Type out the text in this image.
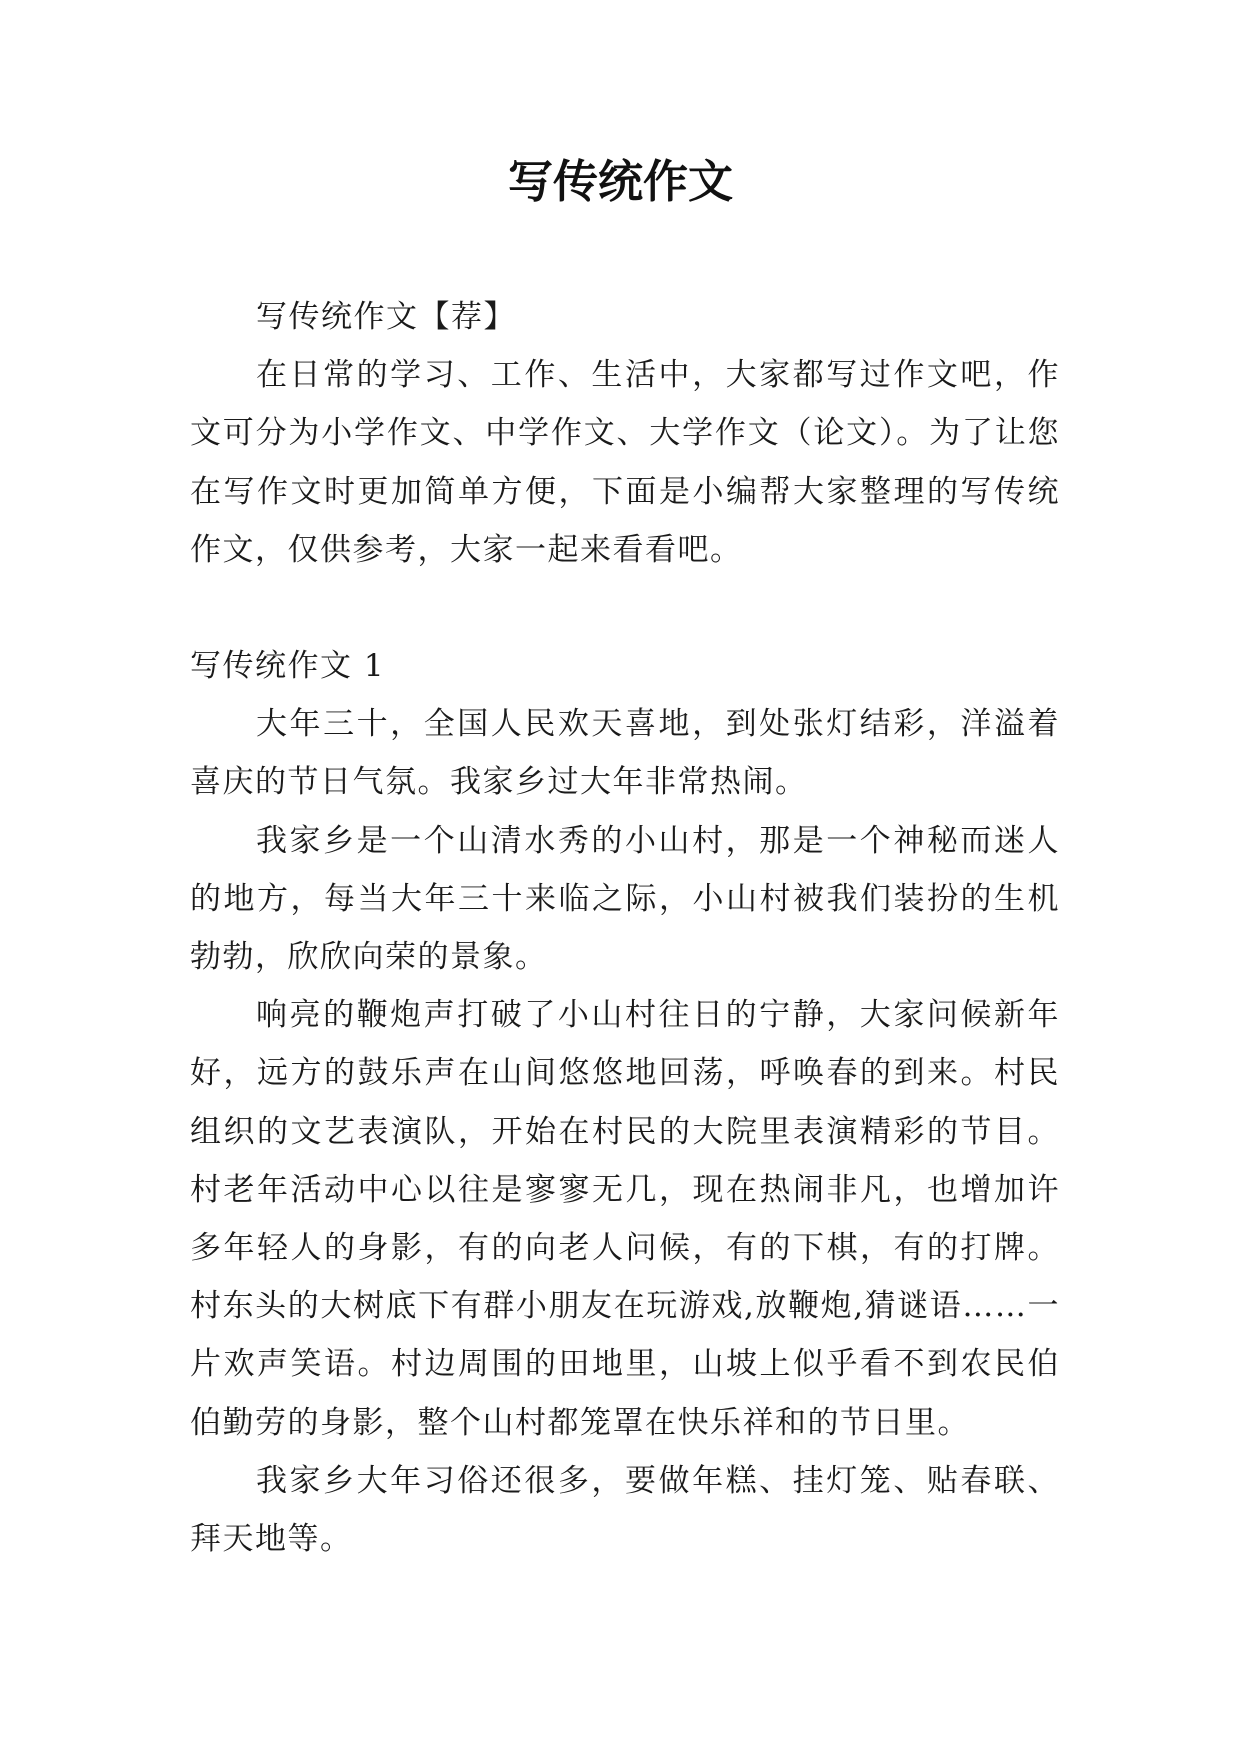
写传统作文

写传统作文【荐】

在日常的学习、工作、生活中，大家都写过作文吧，作文可分为小学作文、中学作文、大学作文（论文）。为了让您在写作文时更加简单方便，下面是小编帮大家整理的写传统作文，仅供参考，大家一起来看看吧。

写传统作文 1

大年三十，全国人民欢天喜地，到处张灯结彩，洋溢着喜庆的节日气氛。我家乡过大年非常热闹。

我家乡是一个山清水秀的小山村，那是一个神秘而迷人的地方，每当大年三十来临之际，小山村被我们装扮的生机勃勃，欣欣向荣的景象。

响亮的鞭炮声打破了小山村往日的宁静，大家问候新年好，远方的鼓乐声在山间悠悠地回荡，呼唤春的到来。村民组织的文艺表演队，开始在村民的大院里表演精彩的节目。村老年活动中心以往是寥寥无几，现在热闹非凡，也增加许多年轻人的身影，有的向老人问候，有的下棋，有的打牌。村东头的大树底下有群小朋友在玩游戏,放鞭炮,猜谜语……一片欢声笑语。村边周围的田地里，山坡上似乎看不到农民伯伯勤劳的身影，整个山村都笼罩在快乐祥和的节日里。

我家乡大年习俗还很多，要做年糕、挂灯笼、贴春联、拜天地等。
